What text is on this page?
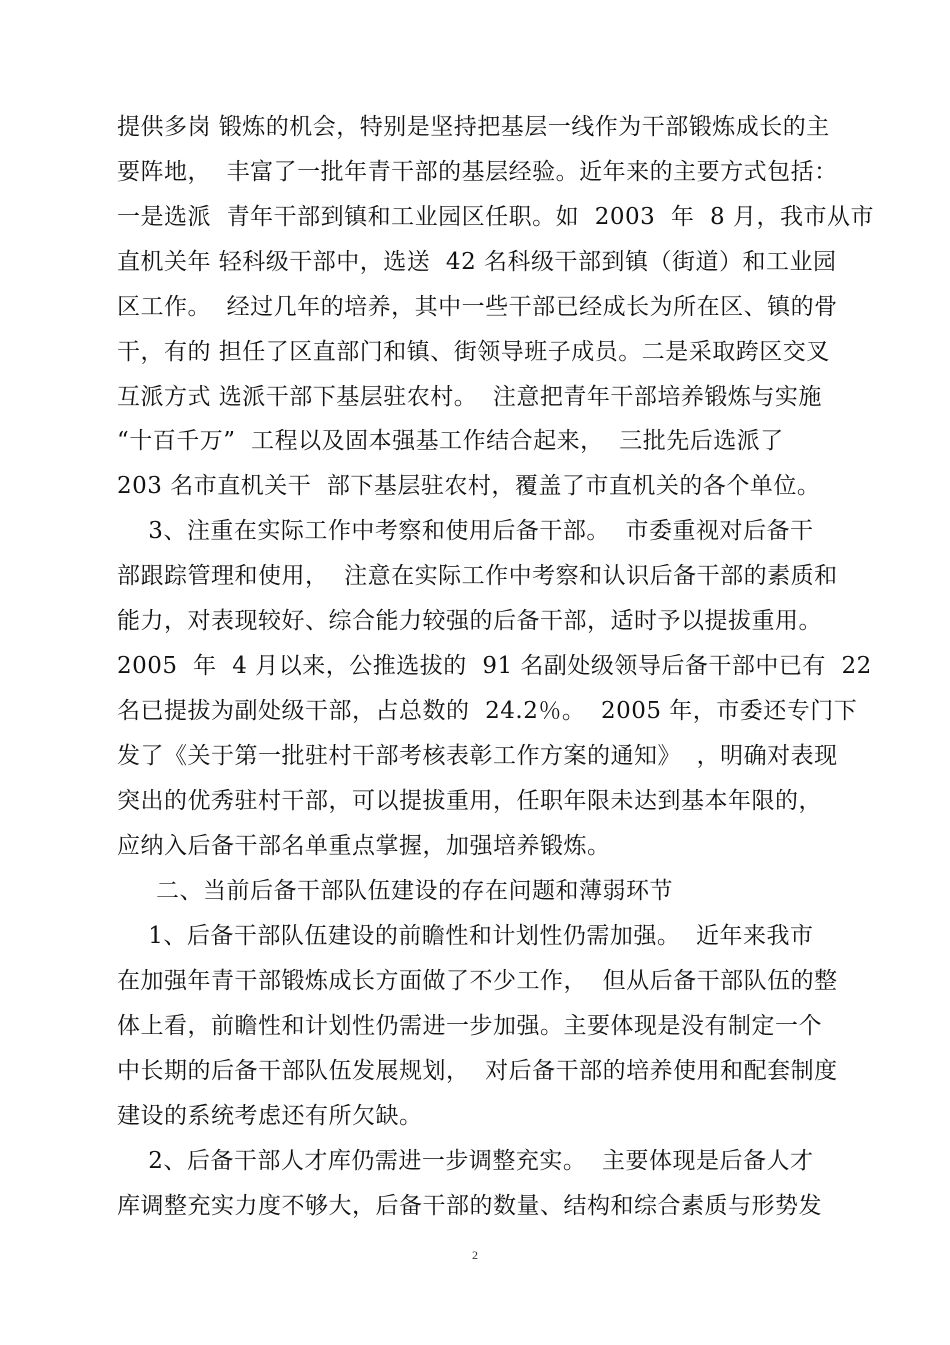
提供多岗 锻炼的机会，特别是坚持把基层一线作为干部锻炼成长的主
要阵地，  丰富了一批年青干部的基层经验。近年来的主要方式包括：
一是选派  青年干部到镇和工业园区任职。如  2003  年  8 月，我市从市
直机关年 轻科级干部中，选送  42 名科级干部到镇（街道）和工业园
区工作。  经过几年的培养，其中一些干部已经成长为所在区、镇的骨
干，有的 担任了区直部门和镇、街领导班子成员。二是采取跨区交叉
互派方式 选派干部下基层驻农村。  注意把青年干部培养锻炼与实施
“十百千万”  工程以及固本强基工作结合起来，  三批先后选派了
203 名市直机关干  部下基层驻农村，覆盖了市直机关的各个单位。
3、注重在实际工作中考察和使用后备干部。  市委重视对后备干
部跟踪管理和使用，  注意在实际工作中考察和认识后备干部的素质和
能力，对表现较好、综合能力较强的后备干部，适时予以提拔重用。
2005  年  4 月以来，公推选拔的  91 名副处级领导后备干部中已有  22
名已提拔为副处级干部，占总数的  24.2％。  2005 年，市委还专门下
发了《关于第一批驻村干部考核表彰工作方案的通知》  ，明确对表现
突出的优秀驻村干部，可以提拔重用，任职年限未达到基本年限的，
应纳入后备干部名单重点掌握，加强培养锻炼。
二、当前后备干部队伍建设的存在问题和薄弱环节
1、后备干部队伍建设的前瞻性和计划性仍需加强。  近年来我市
在加强年青干部锻炼成长方面做了不少工作，  但从后备干部队伍的整
体上看，前瞻性和计划性仍需进一步加强。主要体现是没有制定一个
中长期的后备干部队伍发展规划，  对后备干部的培养使用和配套制度
建设的系统考虑还有所欠缺。
2、后备干部人才库仍需进一步调整充实。  主要体现是后备人才
库调整充实力度不够大，后备干部的数量、结构和综合素质与形势发
2
